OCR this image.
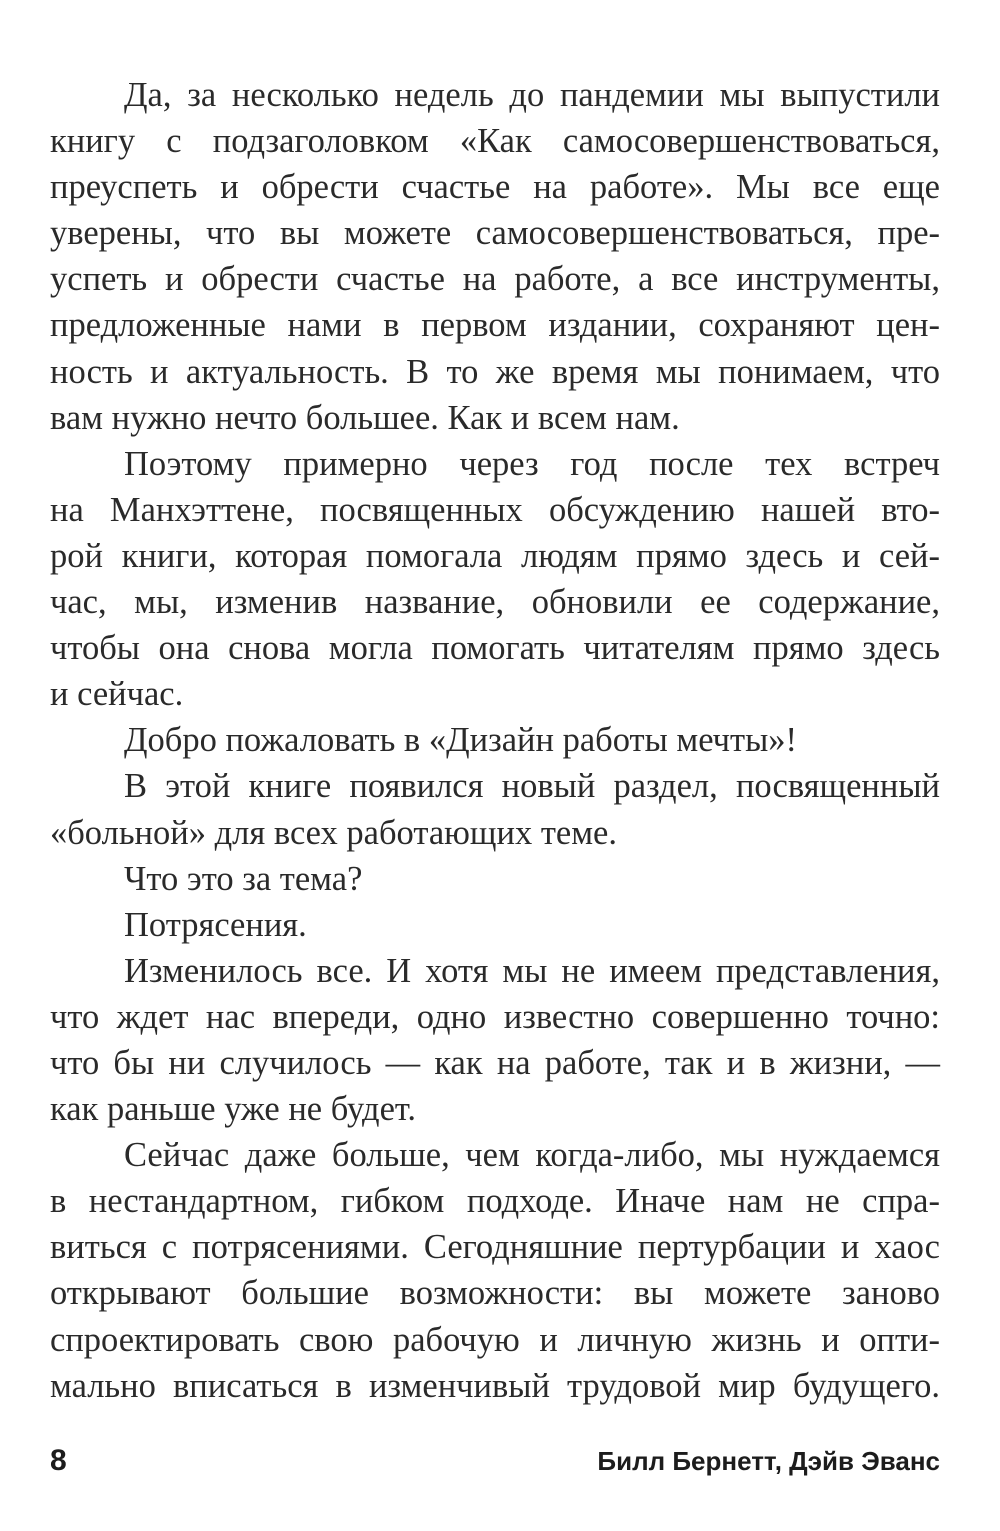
Да, за несколько недель до пандемии мы выпустили
книгу с подзаголовком «Как самосовершенствоваться,
преуспеть и обрести счастье на работе». Мы все еще
уверены, что вы можете самосовершенствоваться, пре-
успеть и обрести счастье на работе, а все инструменты,
предложенные нами в первом издании, сохраняют цен-
ность и актуальность. В то же время мы понимаем, что
вам нужно нечто большее. Как и всем нам.
Поэтому примерно через год после тех встреч
на Манхэттене, посвященных обсуждению нашей вто-
рой книги, которая помогала людям прямо здесь и сей-
час, мы, изменив название, обновили ее содержание,
чтобы она снова могла помогать читателям прямо здесь
и сейчас.
Добро пожаловать в «Дизайн работы мечты»!
В этой книге появился новый раздел, посвященный
«больной» для всех работающих теме.
Что это за тема?
Потрясения.
Изменилось все. И хотя мы не имеем представления,
что ждет нас впереди, одно известно совершенно точно:
что бы ни случилось — как на работе, так и в жизни, —
как раньше уже не будет.
Сейчас даже больше, чем когда-либо, мы нуждаемся
в нестандартном, гибком подходе. Иначе нам не спра-
виться с потрясениями. Сегодняшние пертурбации и хаос
открывают большие возможности: вы можете заново
спроектировать свою рабочую и личную жизнь и опти-
мально вписаться в изменчивый трудовой мир будущего.
8	Билл Бернетт, Дэйв Эванс
